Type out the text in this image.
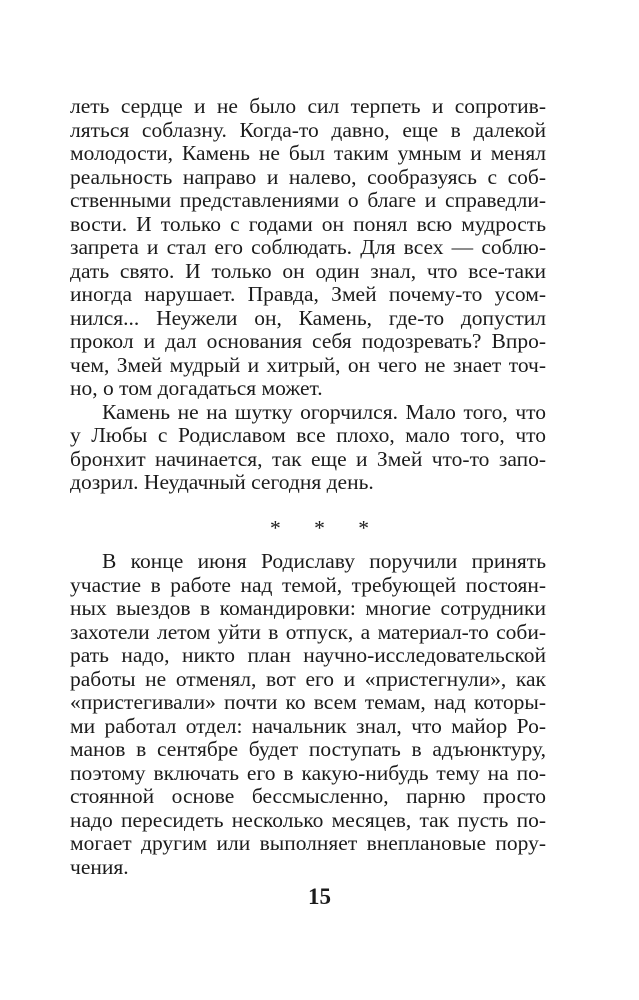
леть сердце и не было сил терпеть и сопротив-
ляться соблазну. Когда-то давно, еще в далекой
молодости, Камень не был таким умным и менял
реальность направо и налево, сообразуясь с соб-
ственными представлениями о благе и справедли-
вости. И только с годами он понял всю мудрость
запрета и стал его соблюдать. Для всех — соблю-
дать свято. И только он один знал, что все-таки
иногда нарушает. Правда, Змей почему-то усом-
нился... Неужели он, Камень, где-то допустил
прокол и дал основания себя подозревать? Впро-
чем, Змей мудрый и хитрый, он чего не знает точ-
но, о том догадаться может.
Камень не на шутку огорчился. Мало того, что
у Любы с Родиславом все плохо, мало того, что
бронхит начинается, так еще и Змей что-то запо-
дозрил. Неудачный сегодня день.
* * *
В конце июня Родиславу поручили принять
участие в работе над темой, требующей постоян-
ных выездов в командировки: многие сотрудники
захотели летом уйти в отпуск, а материал-то соби-
рать надо, никто план научно-исследовательской
работы не отменял, вот его и «пристегнули», как
«пристегивали» почти ко всем темам, над которы-
ми работал отдел: начальник знал, что майор Ро-
манов в сентябре будет поступать в адъюнктуру,
поэтому включать его в какую-нибудь тему на по-
стоянной основе бессмысленно, парню просто
надо пересидеть несколько месяцев, так пусть по-
могает другим или выполняет внеплановые пору-
чения.
15
